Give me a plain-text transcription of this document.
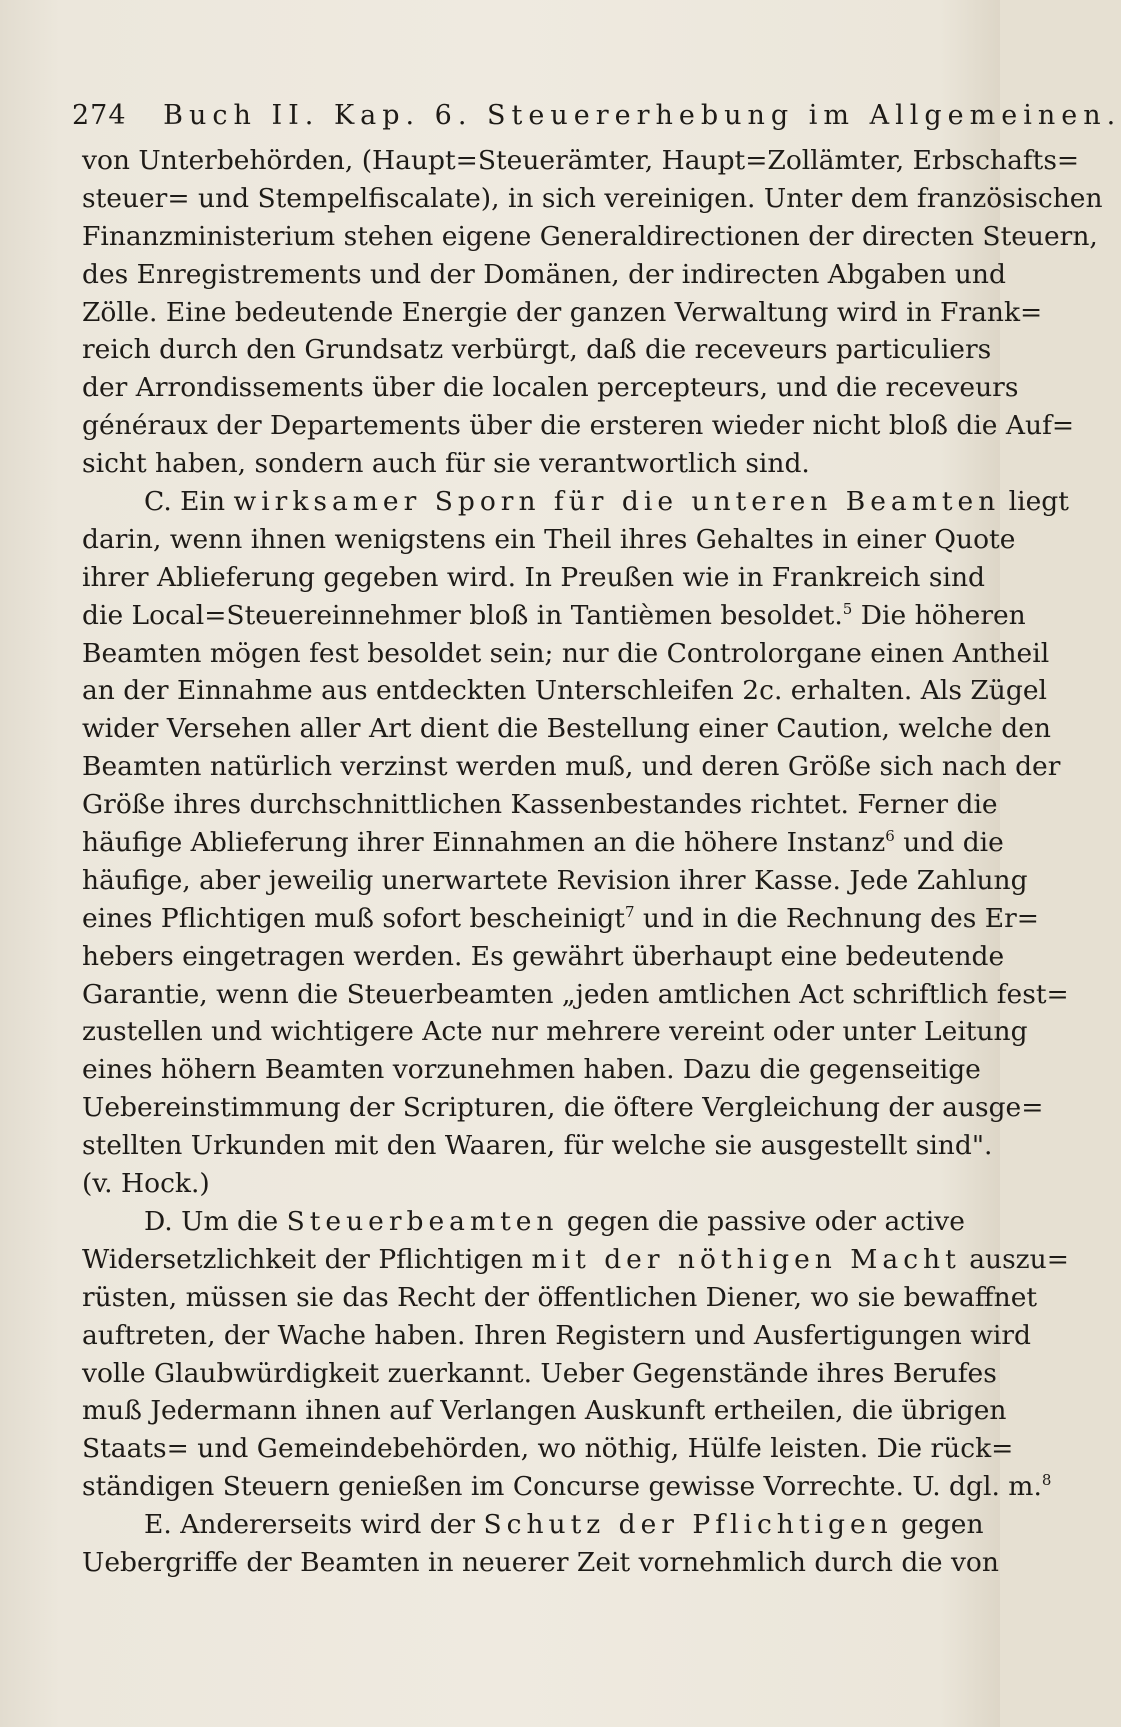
274 Buch II. Kap. 6. Steuererhebung im Allgemeinen.
von Unterbehörden, (Haupt=Steuerämter, Haupt=Zollämter, Erbschafts=
steuer= und Stempelfiscalate), in sich vereinigen. Unter dem französischen
Finanzministerium stehen eigene Generaldirectionen der directen Steuern,
des Enregistrements und der Domänen, der indirecten Abgaben und
Zölle. Eine bedeutende Energie der ganzen Verwaltung wird in Frank=
reich durch den Grundsatz verbürgt, daß die receveurs particuliers
der Arrondissements über die localen percepteurs, und die receveurs
généraux der Departements über die ersteren wieder nicht bloß die Auf=
sicht haben, sondern auch für sie verantwortlich sind.
C. Ein wirksamer Sporn für die unteren Beamten liegt
darin, wenn ihnen wenigstens ein Theil ihres Gehaltes in einer Quote
ihrer Ablieferung gegeben wird. In Preußen wie in Frankreich sind
die Local=Steuereinnehmer bloß in Tantièmen besoldet.$^5$ Die höheren
Beamten mögen fest besoldet sein; nur die Controlorgane einen Antheil
an der Einnahme aus entdeckten Unterschleifen 2c. erhalten. Als Zügel
wider Versehen aller Art dient die Bestellung einer Caution, welche den
Beamten natürlich verzinst werden muß, und deren Größe sich nach der
Größe ihres durchschnittlichen Kassenbestandes richtet. Ferner die
häufige Ablieferung ihrer Einnahmen an die höhere Instanz$^6$ und die
häufige, aber jeweilig unerwartete Revision ihrer Kasse. Jede Zahlung
eines Pflichtigen muß sofort bescheinigt$^7$ und in die Rechnung des Er=
hebers eingetragen werden. Es gewährt überhaupt eine bedeutende
Garantie, wenn die Steuerbeamten „jeden amtlichen Act schriftlich fest=
zustellen und wichtigere Acte nur mehrere vereint oder unter Leitung
eines höhern Beamten vorzunehmen haben. Dazu die gegenseitige
Uebereinstimmung der Scripturen, die öftere Vergleichung der ausge=
stellten Urkunden mit den Waaren, für welche sie ausgestellt sind".
(v. Hock.)
D. Um die Steuerbeamten gegen die passive oder active
Widersetzlichkeit der Pflichtigen mit der nöthigen Macht auszu=
rüsten, müssen sie das Recht der öffentlichen Diener, wo sie bewaffnet
auftreten, der Wache haben. Ihren Registern und Ausfertigungen wird
volle Glaubwürdigkeit zuerkannt. Ueber Gegenstände ihres Berufes
muß Jedermann ihnen auf Verlangen Auskunft ertheilen, die übrigen
Staats= und Gemeindebehörden, wo nöthig, Hülfe leisten. Die rück=
ständigen Steuern genießen im Concurse gewisse Vorrechte. U. dgl. m.$^8$
E. Andererseits wird der Schutz der Pflichtigen gegen
Uebergriffe der Beamten in neuerer Zeit vornehmlich durch die von
